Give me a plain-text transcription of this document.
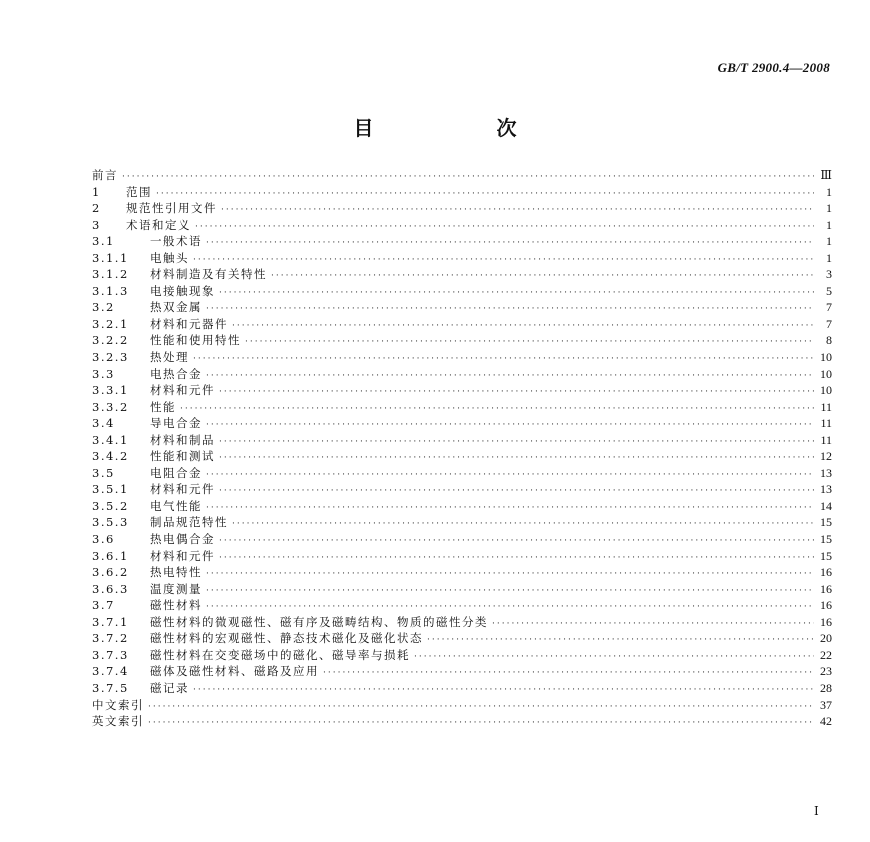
GB/T 2900.4—2008
目 次
前言 ·····	Ⅲ
1	范围 ·····	1
2	规范性引用文件 ·····	1
3	术语和定义 ·····	1
3.1	一般术语 ·····	1
3.1.1	电触头 ·····	1
3.1.2	材料制造及有关特性 ·····	3
3.1.3	电接触现象 ·····	5
3.2	热双金属 ·····	7
3.2.1	材料和元器件 ·····	7
3.2.2	性能和使用特性 ·····	8
3.2.3	热处理 ·····	10
3.3	电热合金 ·····	10
3.3.1	材料和元件 ·····	10
3.3.2	性能 ·····	11
3.4	导电合金 ·····	11
3.4.1	材料和制品 ·····	11
3.4.2	性能和测试 ·····	12
3.5	电阻合金 ·····	13
3.5.1	材料和元件 ·····	13
3.5.2	电气性能 ·····	14
3.5.3	制品规范特性 ·····	15
3.6	热电偶合金 ·····	15
3.6.1	材料和元件 ·····	15
3.6.2	热电特性 ·····	16
3.6.3	温度测量 ·····	16
3.7	磁性材料 ·····	16
3.7.1	磁性材料的微观磁性、磁有序及磁畴结构、物质的磁性分类 ·····	16
3.7.2	磁性材料的宏观磁性、静态技术磁化及磁化状态 ·····	20
3.7.3	磁性材料在交变磁场中的磁化、磁导率与损耗 ·····	22
3.7.4	磁体及磁性材料、磁路及应用 ·····	23
3.7.5	磁记录 ·····	28
中文索引 ·····	37
英文索引 ·····	42
Ⅰ
